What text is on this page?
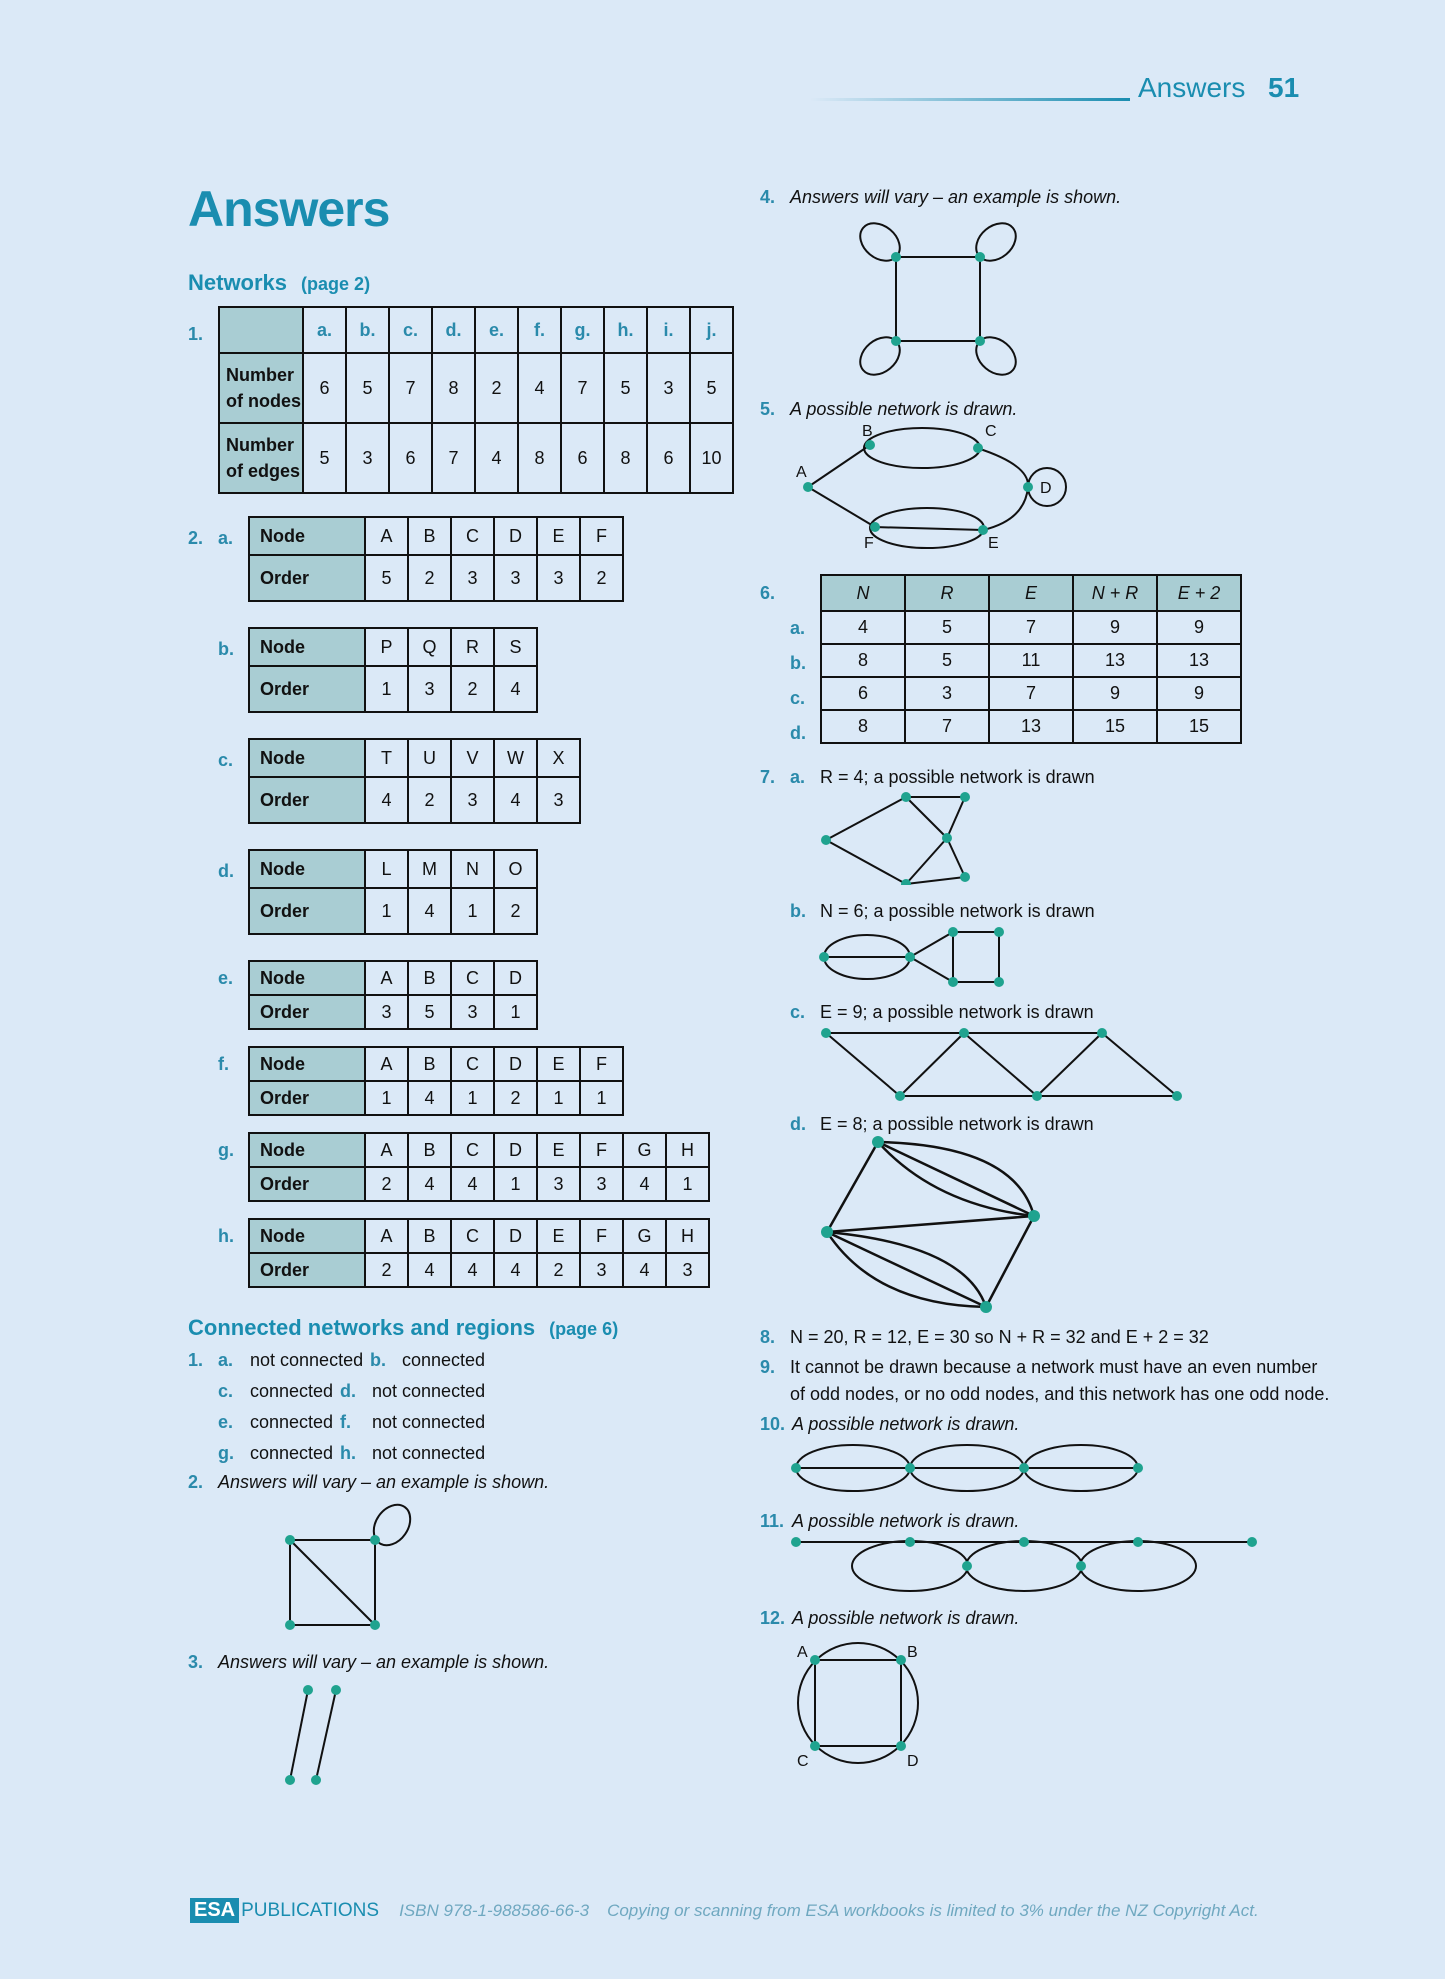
Answers 51
Answers
Networks (page 2)
1.
		a.	b.	c.	d.	e.	f.	g.	h.	i.	j.

Number
of nodes	6	5	7	8	2	4	7	5	3	5

Number
of edges	5	3	6	7	4	8	6	8	6	10
2. a. Node	A	B	C	D	E	F
Order	5	2	3	3	3	2
b. Node	P	Q	R	S
Order	1	3	2	4
c. Node	T	U	V	W	X
Order	4	2	3	4	3
d. Node	L	M	N	O
Order	1	4	1	2
e. Node	A	B	C	D
Order	3	5	3	1
f. Node	A	B	C	D	E	F
Order	1	4	1	2	1	1
g. Node	A	B	C	D	E	F	G	H
Order	2	4	4	1	3	3	4	1
h. Node	A	B	C	D	E	F	G	H
Order	2	4	4	4	2	3	4	3
Connected networks and regions (page 6)
1. a. not connected b. connected
c. connected d. not connected
e. connected f. not connected
g. connected h. not connected
2. Answers will vary – an example is shown.
3. Answers will vary – an example is shown.
4. Answers will vary – an example is shown.
5. A possible network is drawn.
A
B	C
D
E
F
6.
a.
b.
c.
d.
N	R	E	N + R	E + 2
4	5	7	9	9
8	5	11	13	13
6	3	7	9	9
8	7	13	15	15
7. a. R = 4; a possible network is drawn
b. N = 6; a possible network is drawn
c. E = 9; a possible network is drawn
d. E = 8; a possible network is drawn
8. N = 20, R = 12, E = 30 so N + R = 32 and E + 2 = 32
9. It cannot be drawn because a network must have an even number
of odd nodes, or no odd nodes, and this network has one odd node.
10. A possible network is drawn.
11. A possible network is drawn.
12. A possible network is drawn.
A	B
D
C
ESA PUBLICATIONS ISBN 978-1-988586-66-3 Copying or scanning from ESA workbooks is limited to 3% under the NZ Copyright Act.
